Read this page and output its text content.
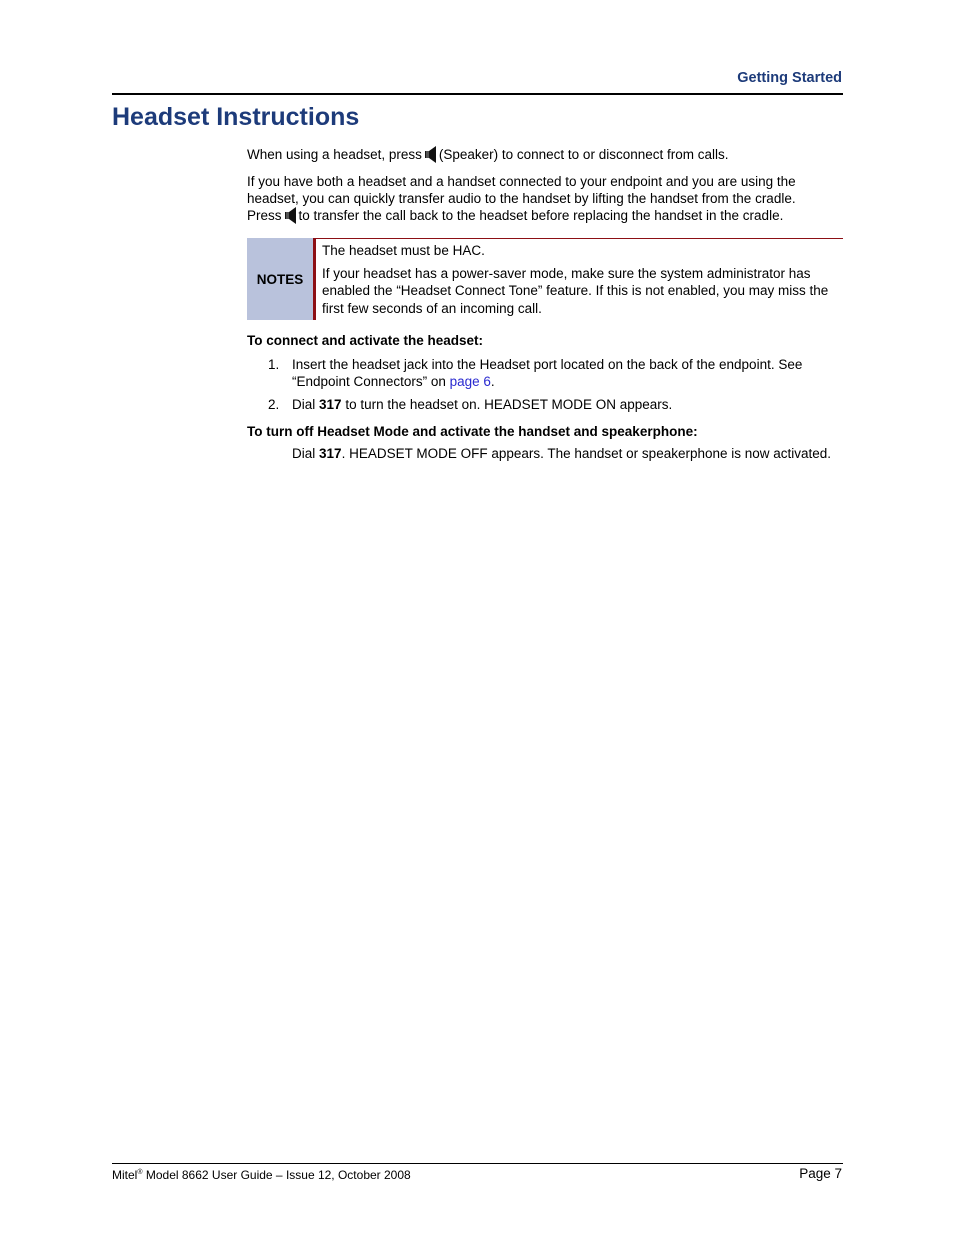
Getting Started
Headset Instructions

When using a headset, press (Speaker) to connect to or disconnect from calls.

If you have both a headset and a handset connected to your endpoint and you are using the
headset, you can quickly transfer audio to the handset by lifting the handset from the cradle.
Press to transfer the call back to the headset before replacing the handset in the cradle.
NOTES

The headset must be HAC.

If your headset has a power-saver mode, make sure the system administrator has enabled the “Headset Connect Tone” feature. If this is not enabled, you may miss the first few seconds of an incoming call.

To connect and activate the headset:

1. Insert the headset jack into the Headset port located on the back of the endpoint. See
“Endpoint Connectors” on page 6.
2. Dial 317 to turn the headset on. HEADSET MODE ON appears.

To turn off Headset Mode and activate the handset and speakerphone:

Dial 317. HEADSET MODE OFF appears. The handset or speakerphone is now activated.

Mitel® Model 8662 User Guide – Issue 12, October 2008	Page 7
